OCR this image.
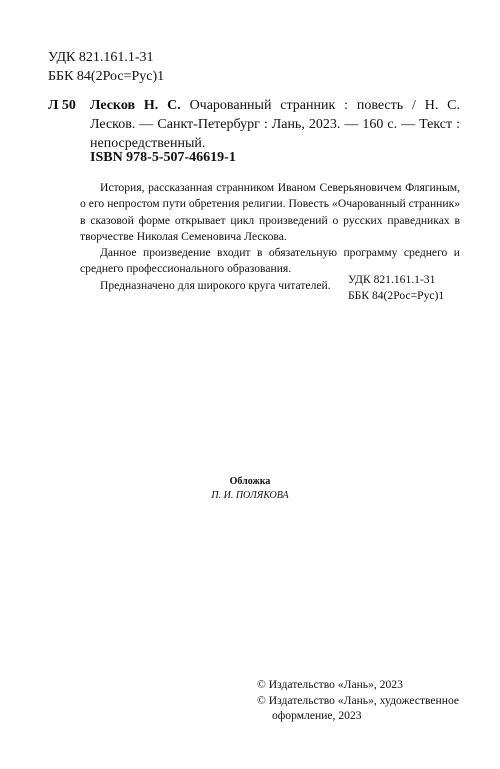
УДК 821.161.1-31
ББК 84(2Рос=Рус)1
Л 50 Лесков Н. С. Очарованный странник : повесть / Н. С. Лесков. — Санкт-Петербург : Лань, 2023. — 160 с. — Текст : непосредственный.
ISBN 978-5-507-46619-1

История, рассказанная странником Иваном Северьяновичем Флягиным, о его непростом пути обретения религии. Повесть «Очарованный странник» в сказовой форме открывает цикл произведений о русских праведниках в творчестве Николая Семеновича Лескова.

Данное произведение входит в обязательную программу среднего и среднего профессионального образования.

Предназначено для широкого круга читателей.	УДК 821.161.1-31
ББК 84(2Рос=Рус)1
Обложка
П. И. ПОЛЯКОВА
© Издательство «Лань», 2023
© Издательство «Лань», художественное
оформление, 2023
